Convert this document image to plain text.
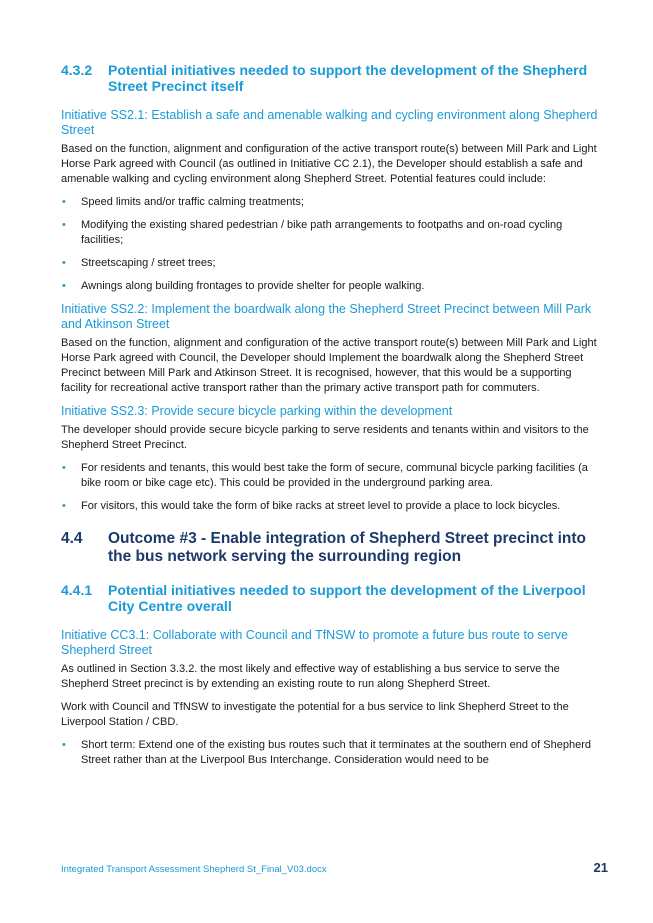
4.3.2	Potential initiatives needed to support the development of the Shepherd Street Precinct itself
Initiative SS2.1: Establish a safe and amenable walking and cycling environment along Shepherd Street

Based on the function, alignment and configuration of the active transport route(s) between Mill Park and Light Horse Park agreed with Council (as outlined in Initiative CC 2.1), the Developer should establish a safe and amenable walking and cycling environment along Shepherd Street. Potential features could include:

• Speed limits and/or traffic calming treatments;
• Modifying the existing shared pedestrian / bike path arrangements to footpaths and on-road cycling facilities;
• Streetscaping / street trees;
• Awnings along building frontages to provide shelter for people walking.
Initiative SS2.2: Implement the boardwalk along the Shepherd Street Precinct between Mill Park and Atkinson Street

Based on the function, alignment and configuration of the active transport route(s) between Mill Park and Light Horse Park agreed with Council, the Developer should Implement the boardwalk along the Shepherd Street Precinct between Mill Park and Atkinson Street. It is recognised, however, that this would be a supporting facility for recreational active transport rather than the primary active transport path for commuters.

Initiative SS2.3: Provide secure bicycle parking within the development

The developer should provide secure bicycle parking to serve residents and tenants within and visitors to the Shepherd Street Precinct.

• For residents and tenants, this would best take the form of secure, communal bicycle parking facilities (a bike room or bike cage etc). This could be provided in the underground parking area.
• For visitors, this would take the form of bike racks at street level to provide a place to lock bicycles.
4.4	Outcome #3 - Enable integration of Shepherd Street precinct into the bus network serving the surrounding region
4.4.1	Potential initiatives needed to support the development of the Liverpool City Centre overall
Initiative CC3.1: Collaborate with Council and TfNSW to promote a future bus route to serve Shepherd Street

As outlined in Section 3.3.2. the most likely and effective way of establishing a bus service to serve the Shepherd Street precinct is by extending an existing route to run along Shepherd Street.

Work with Council and TfNSW to investigate the potential for a bus service to link Shepherd Street to the Liverpool Station / CBD.

• Short term: Extend one of the existing bus routes such that it terminates at the southern end of Shepherd Street rather than at the Liverpool Bus Interchange. Consideration would need to be
Integrated Transport Assessment Shepherd St_Final_V03.docx	21
